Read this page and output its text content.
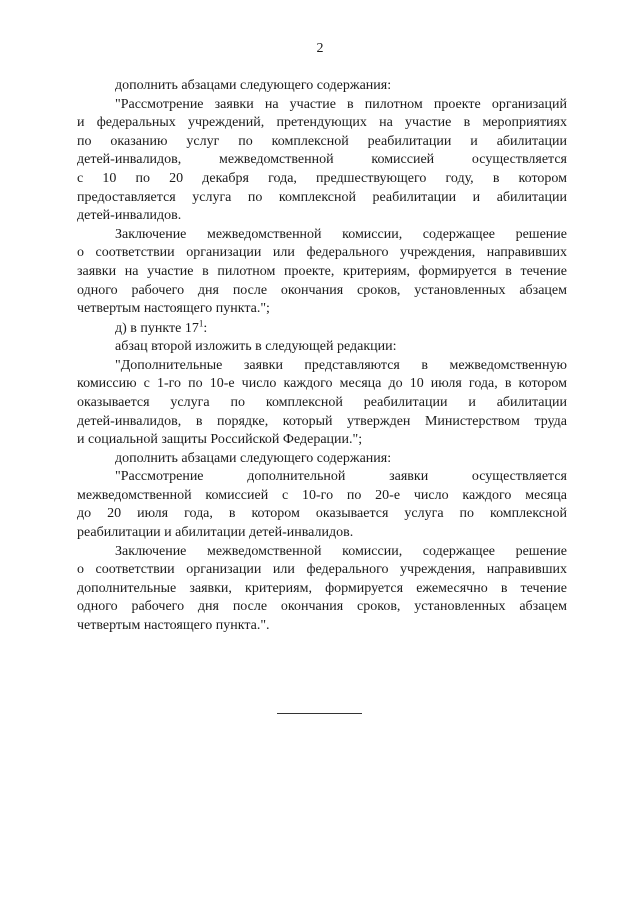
2

дополнить абзацами следующего содержания:

"Рассмотрение заявки на участие в пилотном проекте организаций
и федеральных учреждений, претендующих на участие в мероприятиях
по оказанию услуг по комплексной реабилитации и абилитации
детей-инвалидов, межведомственной комиссией осуществляется
с 10 по 20 декабря года, предшествующего году, в котором
предоставляется услуга по комплексной реабилитации и абилитации
детей-инвалидов.
Заключение межведомственной комиссии, содержащее решение
о соответствии организации или федерального учреждения, направивших
заявки на участие в пилотном проекте, критериям, формируется в течение
одного рабочего дня после окончания сроков, установленных абзацем
четвертым настоящего пункта.";

д) в пункте $17^1$:

абзац второй изложить в следующей редакции:

"Дополнительные заявки представляются в межведомственную
комиссию с 1-го по 10-е число каждого месяца до 10 июля года, в котором
оказывается услуга по комплексной реабилитации и абилитации
детей-инвалидов, в порядке, который утвержден Министерством труда
и социальной защиты Российской Федерации.";

дополнить абзацами следующего содержания:

"Рассмотрение дополнительной заявки осуществляется
межведомственной комиссией с 10-го по 20-е число каждого месяца
до 20 июля года, в котором оказывается услуга по комплексной
реабилитации и абилитации детей-инвалидов.
Заключение межведомственной комиссии, содержащее решение
о соответствии организации или федерального учреждения, направивших
дополнительные заявки, критериям, формируется ежемесячно в течение
одного рабочего дня после окончания сроков, установленных абзацем
четвертым настоящего пункта.".
